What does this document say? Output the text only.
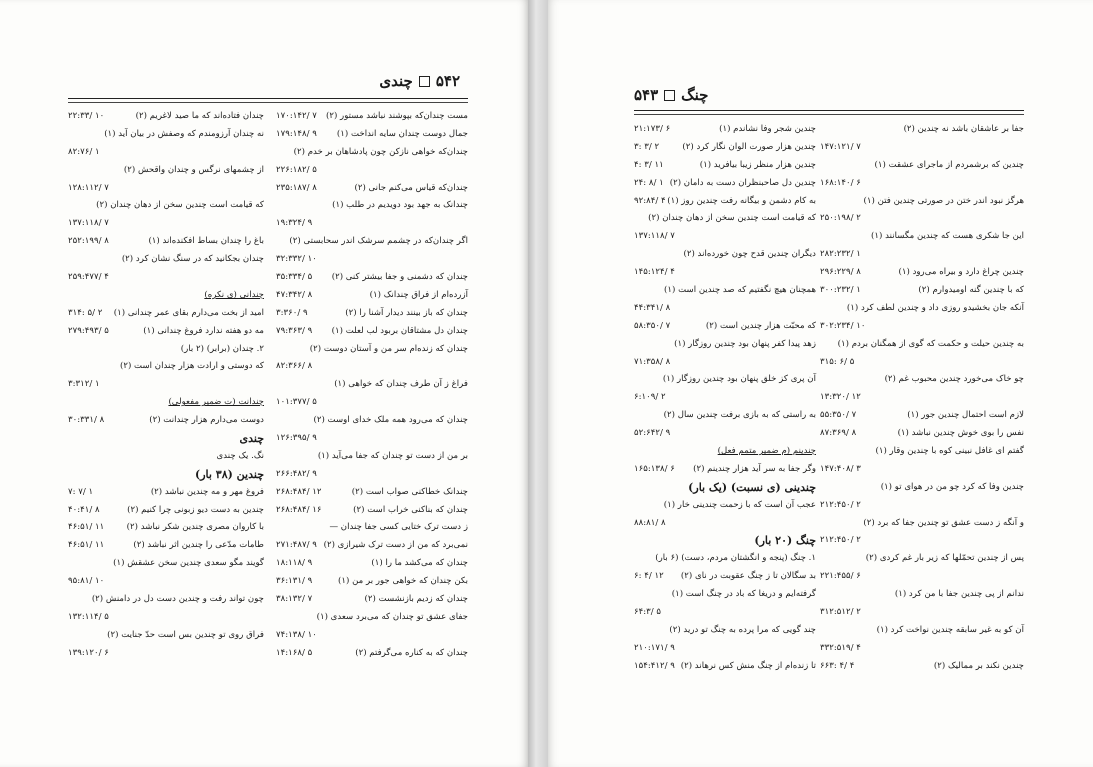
۵۴۲
چندی
مست چندان‌که بپوشند نباشد مستور (۲)
۷ /۱۷۰:۱۴۲
جمال دوست چندان سایه انداخت (۱)
۹ /۱۷۹:۱۴۸
چندان‌که خواهی نازکن چون پادشاهان بر خدم (۲)
۵ /۲۲۶:۱۸۲
چندان‌که قیاس می‌کنم جانی (۲)
۸ /۲۳۵:۱۸۷
چندانک به جهد بود دویدیم در طلب (۱)
۹ /۱۹:۳۲۴
اگر چندان‌که در چشمم سرشک اندر سحابستی (۲)
۱۰ /۳۲:۳۳۲
چندان که دشمنی و جفا بیشتر کنی (۲)
۵ /۳۵:۳۳۴
آزرده‌ام از فراق چندانک (۱)
۸ /۴۷:۳۴۲
چندان که باز بینند دیدار آشنا را (۲)
۹ /۳:۳۶۰
چندان دل مشتاقان بربود لب لعلت (۱)
۹ /۷۹:۳۶۳
چندان که زنده‌ام سر من و آستان دوست (۲)
۸ /۸۲:۳۶۶
فراغ ز آن طرف چندان که خواهی (۱)
۵ /۱۰۱:۳۷۷
چندان که می‌رود همه ملک خدای اوست (۲)
۹ /۱۲۶:۳۹۵
بر من از دست تو چندان که جفا می‌آید (۱)
۹ /۲۶۶:۴۸۲
چندانک خطاکنی صواب است (۲)
۱۲ /۲۶۸:۴۸۴
چندان که بناکنی خراب است (۲)
۱۶ /۲۶۸:۴۸۴
ز دست ترک ختایی کسی جفا چندان —
نمی‌برد که من از دست ترک شیرازی (۲)
۹ /۲۷۱:۴۸۷
چندان که می‌کشد ما را (۱)
۹ /۱۸:۱۱۸
بکن چندان که خواهی جور بر من (۱)
۹ /۳۶:۱۳۱
چندان که زدیم بازنشست (۲)
۷ /۳۸:۱۳۲
جفای عشق تو چندان که می‌برد سعدی (۱)
۱۰ /۷۴:۱۳۸
چندان که به کناره می‌گرفتم (۲)
۵ /۱۴:۱۶۸
چندان فتاده‌اند که ما صید لاغریم (۲)
۱۰ /۲۲:۳۳
نه چندان آرزومندم که وصفش در بیان آید (۱)
۱ /۸۲:۷۶
از چشمهای نرگس و چندان واقحش (۲)
۷ /۱۲۸:۱۱۲
که قیامت است چندین سخن از دهان چندان (۲)
۷ /۱۳۷:۱۱۸
باغ را چندان بساط افکنده‌اند (۱)
۸ /۲۵۲:۱۹۹
چندان بجکانید که در سنگ نشان کرد (۲)
۴ /۲۵۹:۴۷۷
چندانی (ی نکره)
امید از بخت می‌دارم بقای عمر چندانی (۱)
۲ /۵ :۳۱۴
مه دو هفته ندارد فروغ چندانی (۱)
۵ /۲۷۹:۴۹۳
۲. چندان (برابر) (۲ بار)
که دوستی و ارادت هزار چندان است (۲)
۱ /۳:۳۱۲
چندانت (ت ضمیر مفعولی)
دوست می‌دارم هزار چندانت (۲)
۸ /۳۰:۳۳۱
چندی
نگ. یک چندی
چندین (۳۸ بار)
فروغ مهر و مه چندین نباشد (۲)
۱ /۷ :۷
چندین به دست دیو زبونی چرا کنیم (۲)
۸ /۴۰:۴۱
با کاروان مصری چندین شکر نباشد (۲)
۱۱ /۴۶:۵۱
طامات مدّعی را چندین اثر نباشد (۲)
۱۱ /۴۶:۵۱
گویند مگو سعدی چندین سخن عشقش (۱)
۱۰ /۹۵:۸۱
چون تواند رفت و چندین دست دل در دامنش (۲)
۵ /۱۳۲:۱۱۴
فراق روی تو چندین بس است حدّ جنایت (۲)
۶ /۱۳۹:۱۲۰
چنگ
۵۴۳
جفا بر عاشقان باشد نه چندین (۲)
۷ /۱۴۷:۱۲۱
چندین که برشمردم از ماجرای عشقت (۱)
۶ /۱۶۸:۱۴۰
هرگز نبود اندر ختن در صورتی چندین فتن (۱)
۲ /۲۵۰:۱۹۸
این جا شکری هست که چندین مگسانند (۱)
۱ /۲۸۲:۲۳۲
چندین چراغ دارد و بیراه می‌رود (۱)
۸ /۲۹۶:۲۲۹
که با چندین گنه اومیدوارم (۲)
۱ /۳۰۰:۲۳۲
آنکه جان بخشیدو روزی داد و چندین لطف کرد (۱)
۱۰ /۳۰۲:۲۳۴
به چندین حیلت و حکمت که گوی از همگنان بردم (۱)
۵ /۶ :۳۱۵
چو خاک می‌خورد چندین محبوب غم (۲)
۱۲ /۱۳:۳۲۰
لازم است احتمال چندین جور (۱)
۷ /۵۵:۳۵۰
نفس را بوی خوش چندین نباشد (۱)
۸ /۸۷:۳۶۹
گفتم ای غافل نبینی کوه با چندین وقار (۱)
۳ /۱۴۷:۴۰۸
چندین وفا که کرد چو من در هوای تو (۱)
۲ /۲۱۲:۴۵۰
و آنگه ز دست عشق تو چندین جفا که برد (۲)
۲ /۲۱۲:۴۵۰
پس از چندین تحمّلها که زیر بار غم کردی (۲)
۶ /۲۲۱:۴۵۵
ندانم از پی چندین جفا با من کرد (۱)
۲ /۳۱۲:۵۱۲
آن کو به غیر سابقه چندین نواخت کرد (۱)
۴ /۳۳۲:۵۱۹
چندین نکند بر ممالیک (۲)
۴ /۴ :۶۶۳
چندین شجر وفا نشاندم (۱)
۶ /۲۱:۱۷۳
چندین هزار صورت الوان نگار کرد (۲)
۲ /۳ :۳
چندین هزار منظر زیبا بیافرید (۱)
۱۱ /۳ :۴
چندین دل صاحبنظران دست به دامان (۲)
۱ /۸ :۲۴
به کام دشمن و بیگانه رفت چندین روز (۱)
۴ /۹۲:۸۴
که قیامت است چندین سخن از دهان چندان (۲)
۷ /۱۳۷:۱۱۸
دیگران چندین قدح چون خورده‌اند (۲)
۴ /۱۴۵:۱۲۴
همچنان هیچ نگفتیم که صد چندین است (۱)
۸ /۴۴:۳۴۱
که محبّت هزار چندین است (۲)
۷ /۵۸:۳۵۰
زهد پیدا کفر پنهان بود چندین روزگار (۱)
۸ /۷۱:۳۵۸
آن پری کز خلق پنهان بود چندین روزگار (۱)
۲ /۶:۱۰۹
به راستی که به بازی برفت چندین سال (۲)
۹ /۵۲:۶۴۲
چندینم (م ضمیر متمم فعل)
وگر جفا به سر آید هزار چندینم (۲)
۶ /۱۶۵:۱۳۸
چندینی (ی نسبت) (یک بار)
عجب آن است که با زحمت چندینی خار (۱)
۸ /۸۸:۸۱
چنگ (۲۰ بار)
۱. چنگ (پنجه و انگشتان مردم، دست) (۶ بار)
بد سگالان تا ز چنگ عقوبت در نای (۲)
۱۲ /۴ :۶
گرفته‌ایم و دریغا که باد در چنگ است (۱)
۵ /۶۴:۳
چند گویی که مرا پرده به چنگ تو درید (۲)
۹ /۲۱۰:۱۷۱
تا زنده‌ام از چنگ منش کس نرهاند (۲)
۹ /۱۵۴:۴۱۲
